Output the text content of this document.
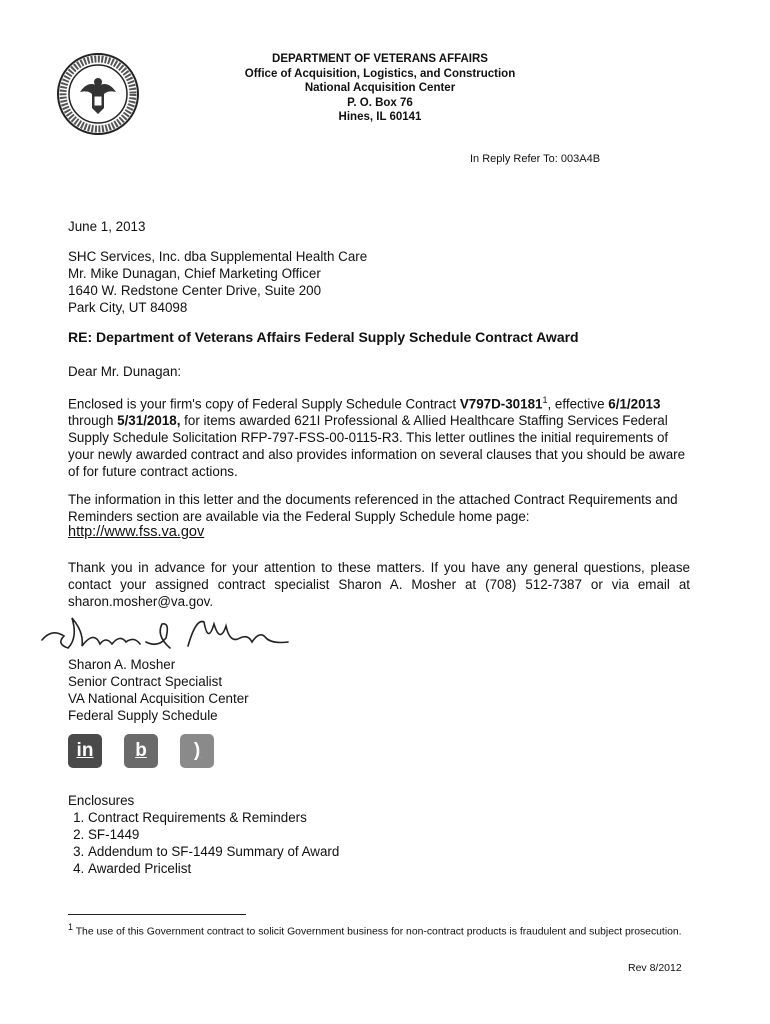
DEPARTMENT OF VETERANS AFFAIRS
Office of Acquisition, Logistics, and Construction
National Acquisition Center
P. O. Box 76
Hines, IL 60141
In Reply Refer To: 003A4B
June 1, 2013
SHC Services, Inc. dba Supplemental Health Care
Mr. Mike Dunagan, Chief Marketing Officer
1640 W. Redstone Center Drive, Suite 200
Park City, UT 84098
RE: Department of Veterans Affairs Federal Supply Schedule Contract Award
Dear Mr. Dunagan:
Enclosed is your firm's copy of Federal Supply Schedule Contract V797D-30181$^1$, effective 6/1/2013 through 5/31/2018, for items awarded 621I Professional & Allied Healthcare Staffing Services Federal Supply Schedule Solicitation RFP-797-FSS-00-0115-R3. This letter outlines the initial requirements of your newly awarded contract and also provides information on several clauses that you should be aware of for future contract actions.
The information in this letter and the documents referenced in the attached Contract Requirements and Reminders section are available via the Federal Supply Schedule home page:
http://www.fss.va.gov
Thank you in advance for your attention to these matters. If you have any general questions, please contact your assigned contract specialist Sharon A. Mosher at (708) 512-7387 or via email at sharon.mosher@va.gov.
Sharon A. Mosher
Senior Contract Specialist
VA National Acquisition Center
Federal Supply Schedule
in	b	)
Enclosures
1. Contract Requirements & Reminders
2. SF-1449
3. Addendum to SF-1449 Summary of Award
4. Awarded Pricelist
$^1$ The use of this Government contract to solicit Government business for non-contract products is fraudulent and subject prosecution.
Rev 8/2012
